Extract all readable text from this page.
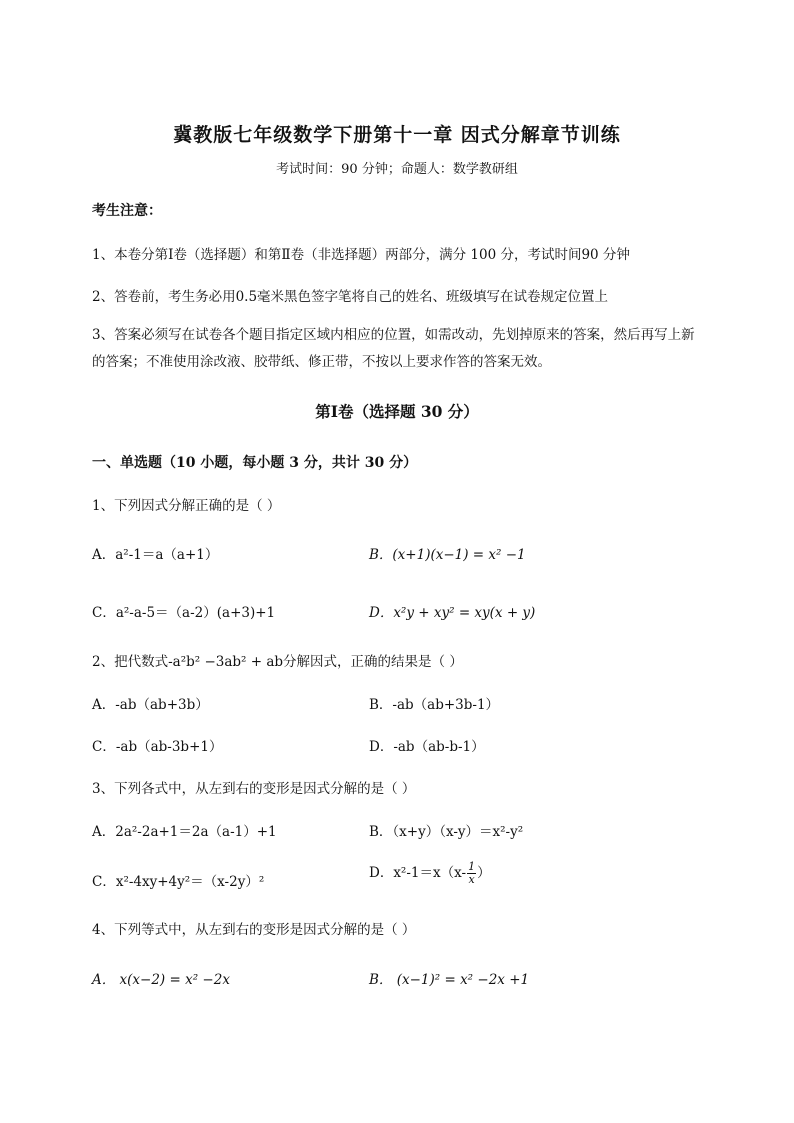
冀教版七年级数学下册第十一章 因式分解章节训练
考试时间：90 分钟；命题人：数学教研组
考生注意：
1、本卷分第Ⅰ卷（选择题）和第Ⅱ卷（非选择题）两部分，满分 100 分，考试时间90 分钟
2、答卷前，考生务必用0.5毫米黑色签字笔将自己的姓名、班级填写在试卷规定位置上
3、答案必须写在试卷各个题目指定区域内相应的位置，如需改动，先划掉原来的答案，然后再写上新的答案；不准使用涂改液、胶带纸、修正带，不按以上要求作答的答案无效。
第Ⅰ卷（选择题 30 分）
一、单选题（10 小题，每小题 3 分，共计 30 分）
1、下列因式分解正确的是（ ）
A．a²-1＝a（a+1）	B．(x+1)(x−1) = x² −1
C．a²-a-5＝（a-2）(a+3)+1	D．x²y + xy² = xy(x + y)
2、把代数式-a²b² −3ab² + ab分解因式，正确的结果是（ ）
A．-ab（ab+3b）	B．-ab（ab+3b-1）
C．-ab（ab-3b+1）	D．-ab（ab-b-1）
3、下列各式中，从左到右的变形是因式分解的是（ ）
A．2a²-2a+1＝2a（a-1）+1	B．（x+y）（x-y）＝x²-y²
C．x²-4xy+4y²＝（x-2y）²
D．$x^2-1=x(x- \frac{1}{x}$ ）
4、下列等式中，从左到右的变形是因式分解的是（ ）
A． x(x−2) = x² −2x	B． (x−1)² = x² −2x +1
